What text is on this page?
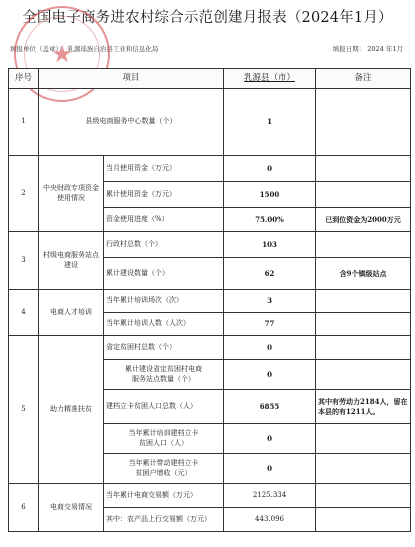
全国电子商务进农村综合示范创建月报表（2024年1月）
填报单位（盖章）： 乳源瑶族自治县工业和信息化局	填报日期： 2024 年1月
★
序号	项目		乳源县（市）	备注
1	县级电商服务中心数量（个）		1	
2	中央财政专项资金使用情况	当月使用资金（万元）	0	
		累计使用资金（万元）	1500	
		资金使用进度（%）	75.00%	已到位资金为2000万元
3	村级电商服务站点建设	行政村总数（个）	103	
		累计建设数量（个）	62	含9个镇级站点
4	电商人才培训	当年累计培训场次（次）	3	
		当年累计培训人数（人次）	77	
5	助力精准扶贫	省定贫困村总数（个）	0	

		累计建设省定贫困村电商
服务站点数量（个）	0	
		建档立卡贫困人口总数（人）	6855	其中有劳动力2184人，留在本县的有1211人。

		当年累计培训建档立卡
贫困人口（人）	0	

		当年累计带动建档立卡
贫困户增收（元）	0	
6	电商交易情况	当年累计电商交易额（万元）	2125.334	
		其中：农产品上行交易额（万元）	443.096	
